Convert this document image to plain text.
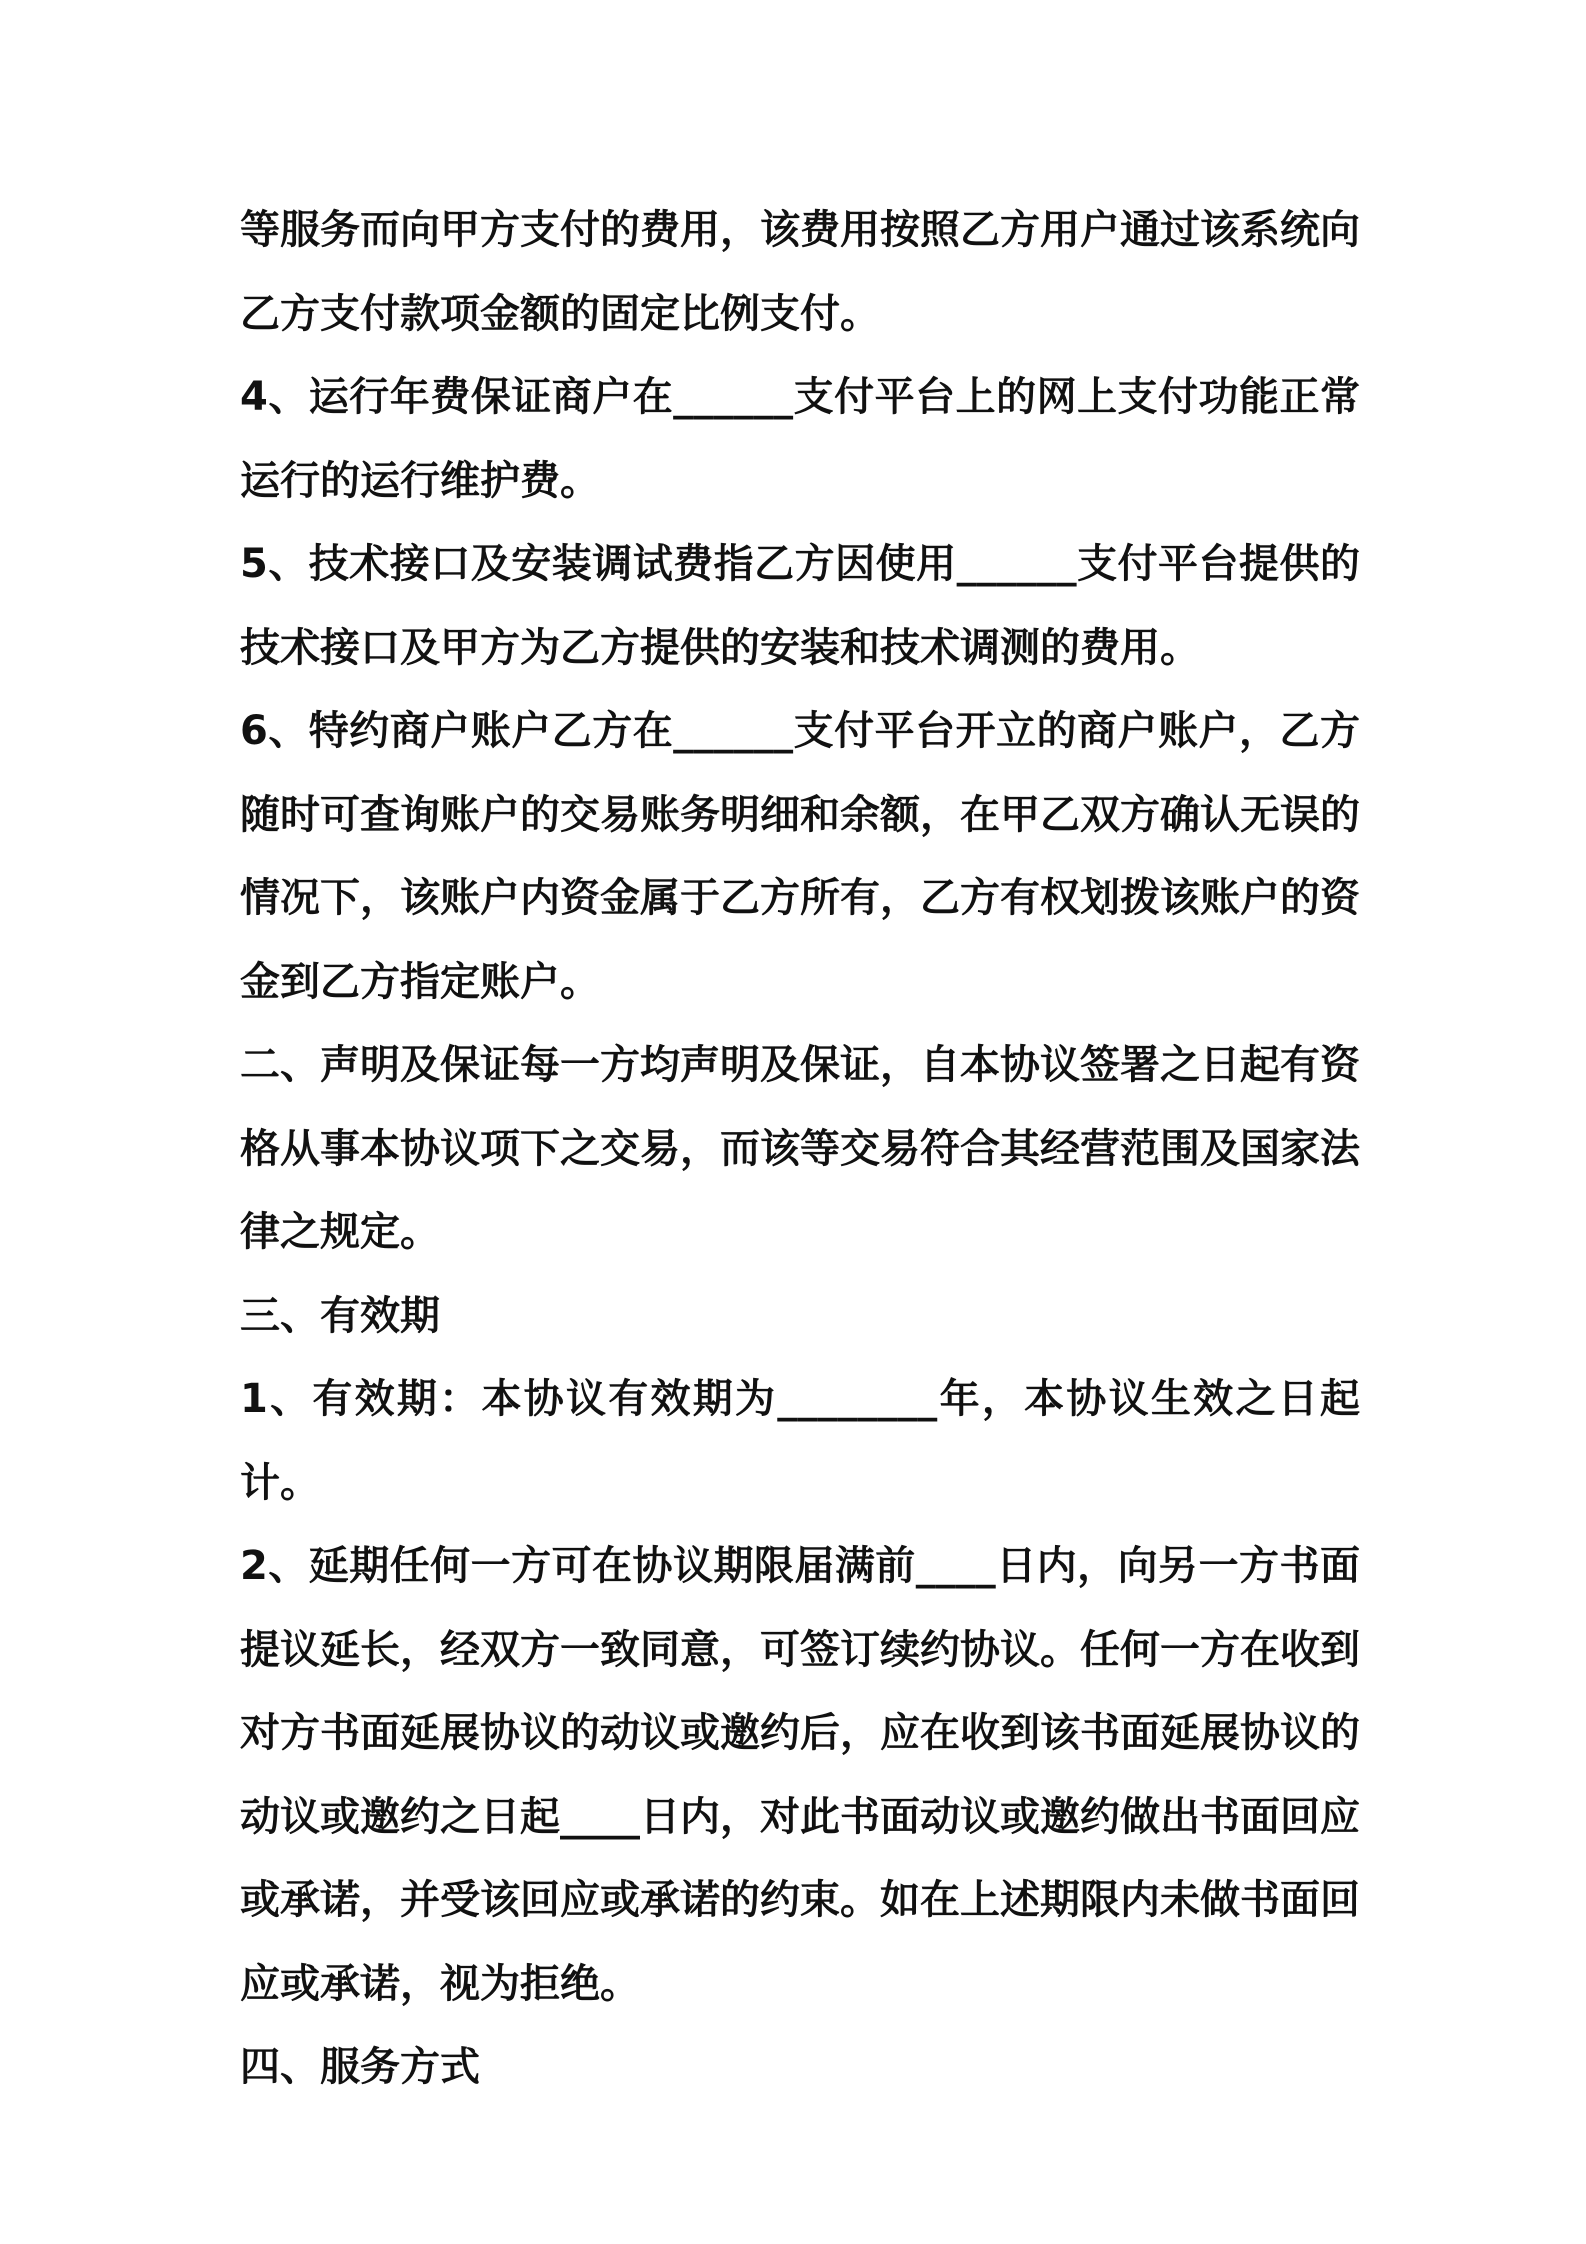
等服务而向甲方支付的费用，该费用按照乙方用户通过该系统向乙方支付款项金额的固定比例支付。

4、运行年费保证商户在______支付平台上的网上支付功能正常运行的运行维护费。

5、技术接口及安装调试费指乙方因使用______支付平台提供的技术接口及甲方为乙方提供的安装和技术调测的费用。

6、特约商户账户乙方在______支付平台开立的商户账户，乙方随时可查询账户的交易账务明细和余额，在甲乙双方确认无误的情况下，该账户内资金属于乙方所有，乙方有权划拨该账户的资金到乙方指定账户。

二、声明及保证每一方均声明及保证，自本协议签署之日起有资格从事本协议项下之交易，而该等交易符合其经营范围及国家法律之规定。

三、有效期

1、有效期：本协议有效期为________年，本协议生效之日起计。

2、延期任何一方可在协议期限届满前____日内，向另一方书面提议延长，经双方一致同意，可签订续约协议。任何一方在收到对方书面延展协议的动议或邀约后，应在收到该书面延展协议的动议或邀约之日起____日内，对此书面动议或邀约做出书面回应或承诺，并受该回应或承诺的约束。如在上述期限内未做书面回应或承诺，视为拒绝。

四、服务方式
